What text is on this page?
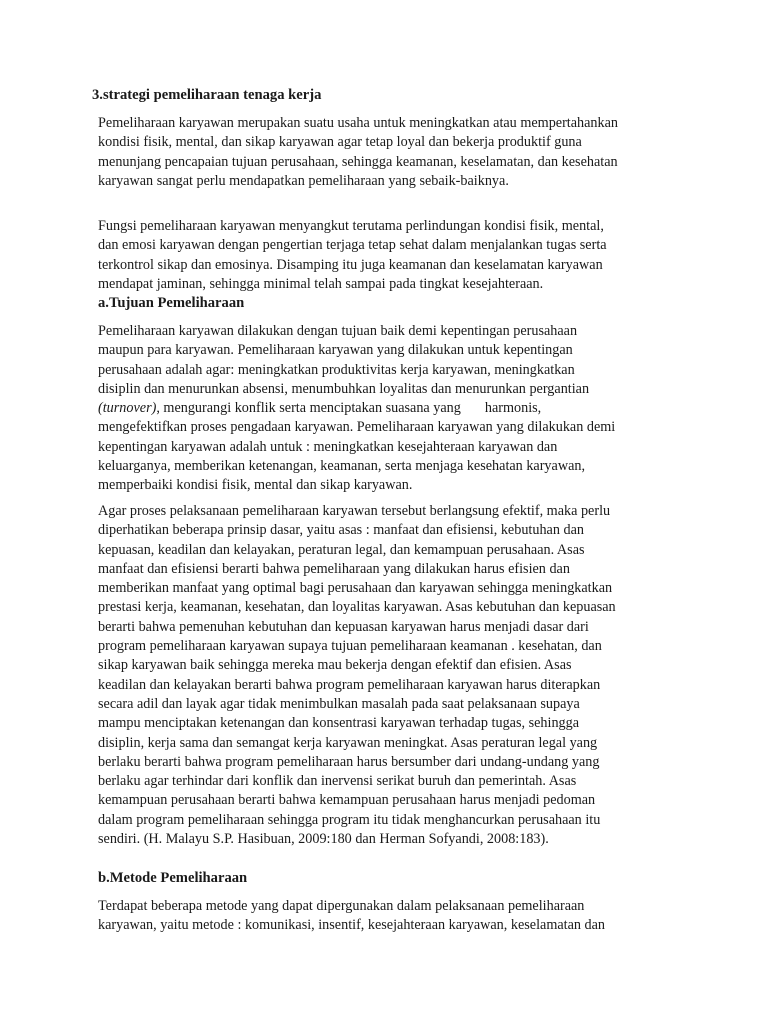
3.strategi pemeliharaan tenaga kerja
Pemeliharaan karyawan merupakan suatu usaha untuk meningkatkan atau mempertahankan
kondisi fisik, mental, dan sikap karyawan agar tetap loyal dan bekerja produktif guna
menunjang pencapaian tujuan perusahaan, sehingga keamanan, keselamatan, dan kesehatan
karyawan sangat perlu mendapatkan pemeliharaan yang sebaik-baiknya.
Fungsi pemeliharaan karyawan menyangkut terutama perlindungan kondisi fisik, mental,
dan emosi karyawan dengan pengertian terjaga tetap sehat dalam menjalankan tugas serta
terkontrol sikap dan emosinya. Disamping itu juga keamanan dan keselamatan karyawan
mendapat jaminan, sehingga minimal telah sampai pada tingkat kesejahteraan.
a.Tujuan Pemeliharaan
Pemeliharaan karyawan dilakukan dengan tujuan baik demi kepentingan perusahaan
maupun para karyawan. Pemeliharaan karyawan yang dilakukan untuk kepentingan
perusahaan adalah agar: meningkatkan produktivitas kerja karyawan, meningkatkan
disiplin dan menurunkan absensi, menumbuhkan loyalitas dan menurunkan pergantian
(turnover), mengurangi konflik serta menciptakan suasana yang harmonis,
mengefektifkan proses pengadaan karyawan. Pemeliharaan karyawan yang dilakukan demi
kepentingan karyawan adalah untuk : meningkatkan kesejahteraan karyawan dan
keluarganya, memberikan ketenangan, keamanan, serta menjaga kesehatan karyawan,
memperbaiki kondisi fisik, mental dan sikap karyawan.
Agar proses pelaksanaan pemeliharaan karyawan tersebut berlangsung efektif, maka perlu
diperhatikan beberapa prinsip dasar, yaitu asas : manfaat dan efisiensi, kebutuhan dan
kepuasan, keadilan dan kelayakan, peraturan legal, dan kemampuan perusahaan. Asas
manfaat dan efisiensi berarti bahwa pemeliharaan yang dilakukan harus efisien dan
memberikan manfaat yang optimal bagi perusahaan dan karyawan sehingga meningkatkan
prestasi kerja, keamanan, kesehatan, dan loyalitas karyawan. Asas kebutuhan dan kepuasan
berarti bahwa pemenuhan kebutuhan dan kepuasan karyawan harus menjadi dasar dari
program pemeliharaan karyawan supaya tujuan pemeliharaan keamanan . kesehatan, dan
sikap karyawan baik sehingga mereka mau bekerja dengan efektif dan efisien. Asas
keadilan dan kelayakan berarti bahwa program pemeliharaan karyawan harus diterapkan
secara adil dan layak agar tidak menimbulkan masalah pada saat pelaksanaan supaya
mampu menciptakan ketenangan dan konsentrasi karyawan terhadap tugas, sehingga
disiplin, kerja sama dan semangat kerja karyawan meningkat. Asas peraturan legal yang
berlaku berarti bahwa program pemeliharaan harus bersumber dari undang-undang yang
berlaku agar terhindar dari konflik dan inervensi serikat buruh dan pemerintah. Asas
kemampuan perusahaan berarti bahwa kemampuan perusahaan harus menjadi pedoman
dalam program pemeliharaan sehingga program itu tidak menghancurkan perusahaan itu
sendiri. (H. Malayu S.P. Hasibuan, 2009:180 dan Herman Sofyandi, 2008:183).
b.Metode Pemeliharaan
Terdapat beberapa metode yang dapat dipergunakan dalam pelaksanaan pemeliharaan
karyawan, yaitu metode : komunikasi, insentif, kesejahteraan karyawan, keselamatan dan
